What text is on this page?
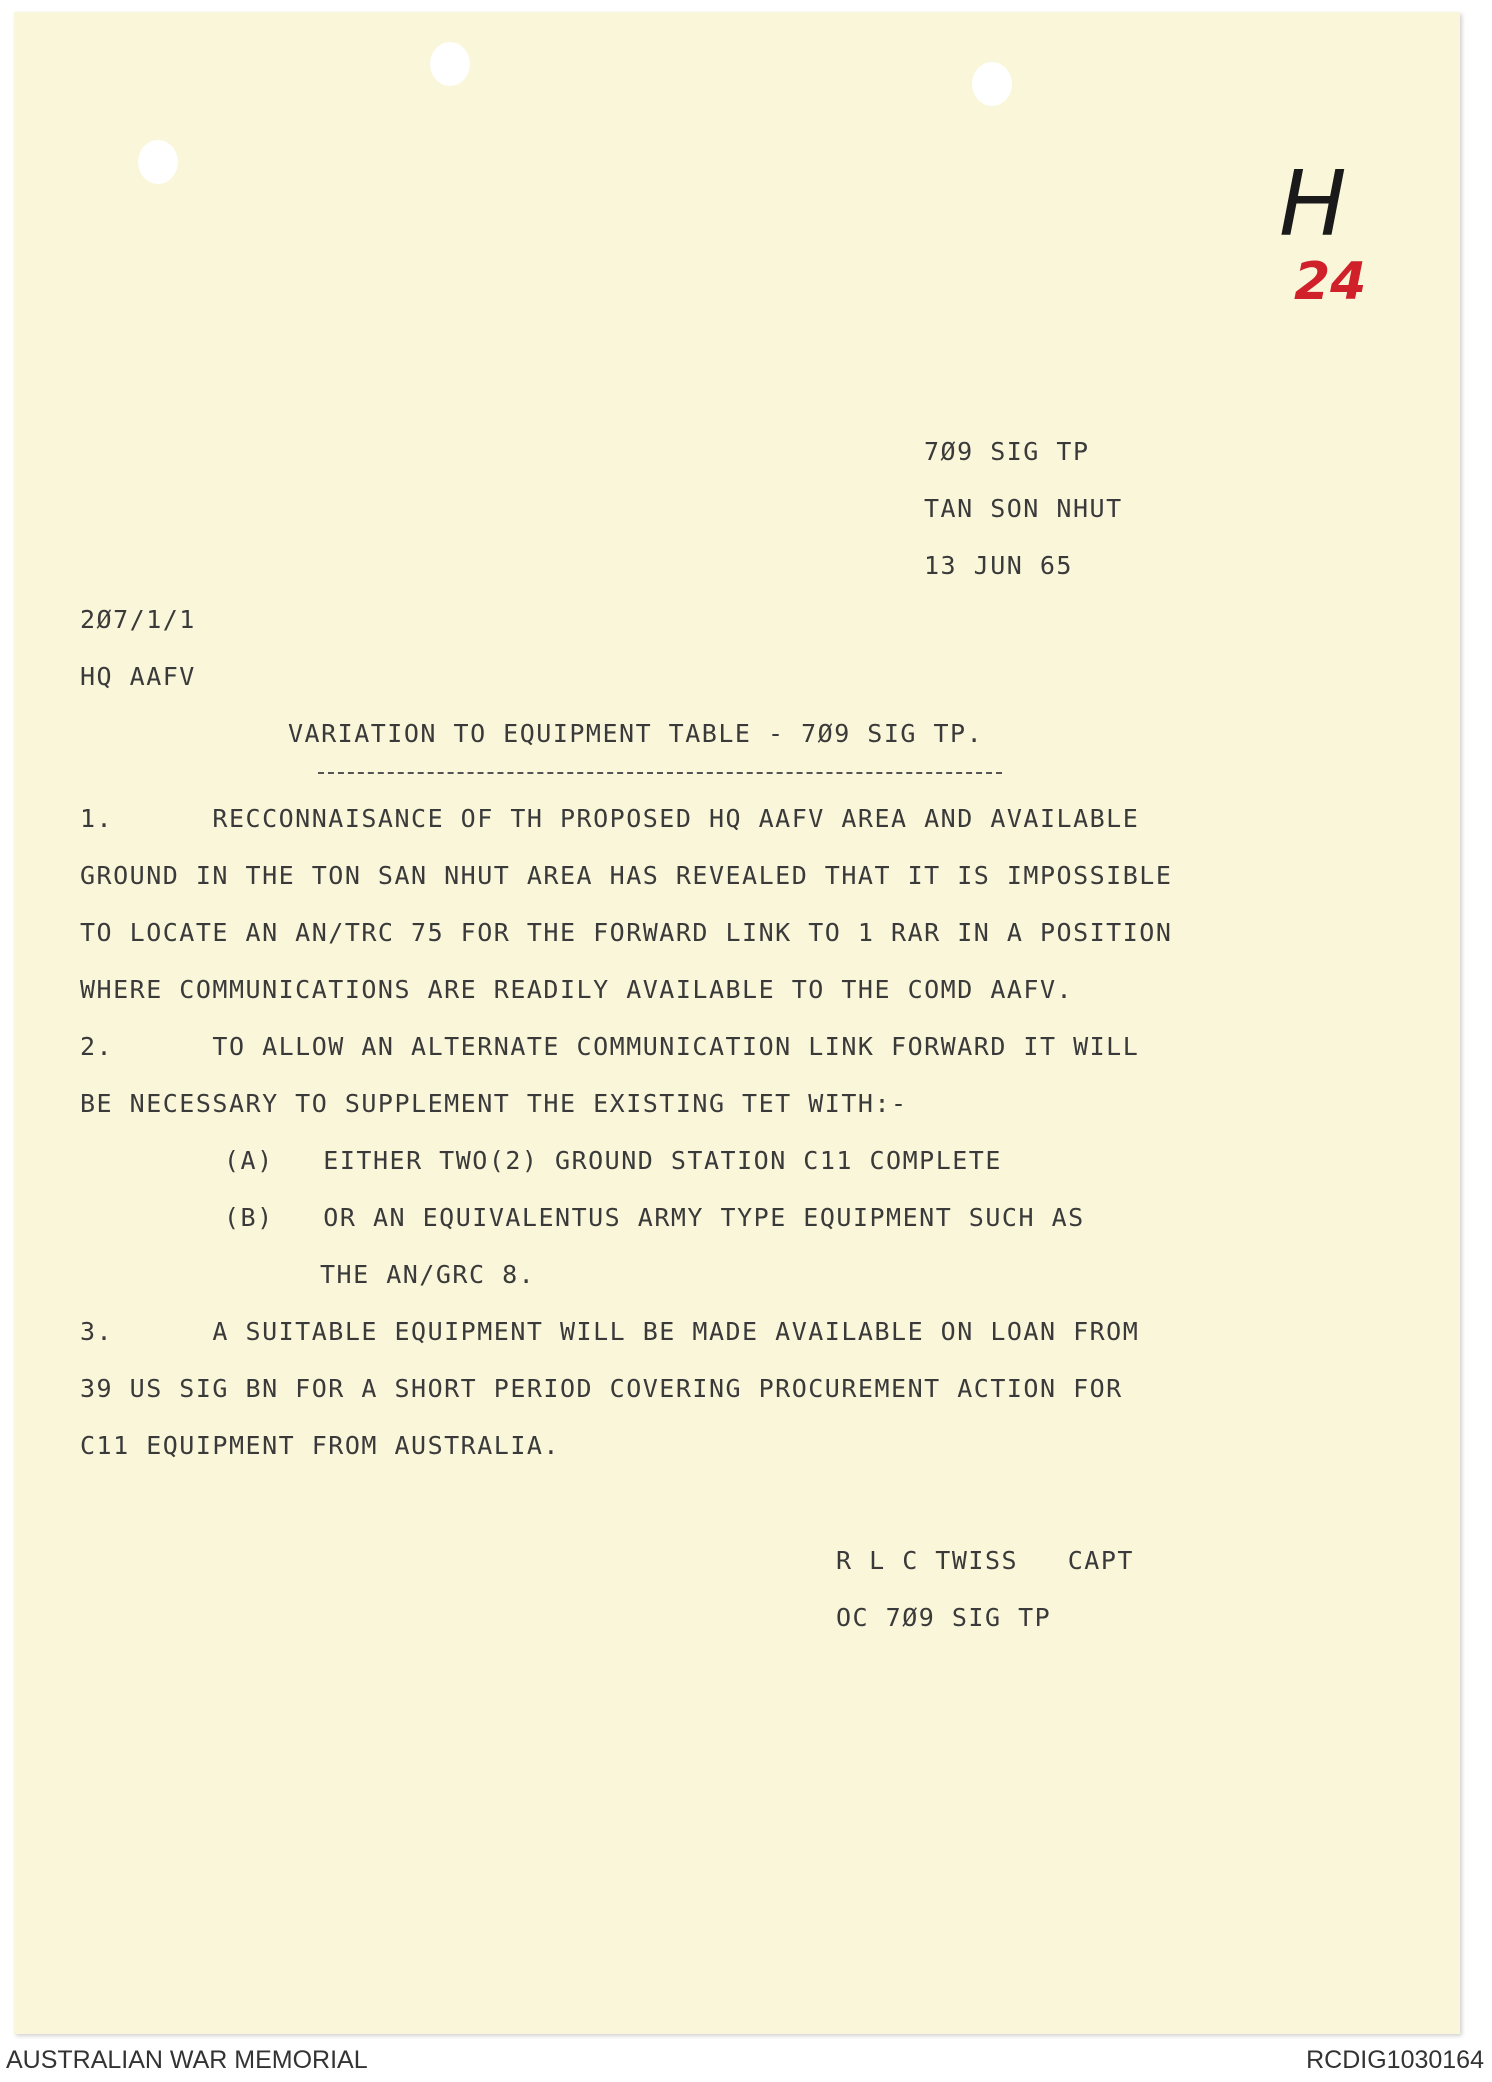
H
24
7Ø9 SIG TP
TAN SON NHUT
13 JUN 65
2Ø7/1/1
HQ AAFV
VARIATION TO EQUIPMENT TABLE - 7Ø9 SIG TP.
1.      RECCONNAISANCE OF TH PROPOSED HQ AAFV AREA AND AVAILABLE
GROUND IN THE TON SAN NHUT AREA HAS REVEALED THAT IT IS IMPOSSIBLE
TO LOCATE AN AN/TRC 75 FOR THE FORWARD LINK TO 1 RAR IN A POSITION
WHERE COMMUNICATIONS ARE READILY AVAILABLE TO THE COMD AAFV.
2.      TO ALLOW AN ALTERNATE COMMUNICATION LINK FORWARD IT WILL
BE NECESSARY TO SUPPLEMENT THE EXISTING TET WITH:-
(A)   EITHER TWO(2) GROUND STATION C11 COMPLETE
(B)   OR AN EQUIVALENTUS ARMY TYPE EQUIPMENT SUCH AS
THE AN/GRC 8.
3.      A SUITABLE EQUIPMENT WILL BE MADE AVAILABLE ON LOAN FROM
39 US SIG BN FOR A SHORT PERIOD COVERING PROCUREMENT ACTION FOR
C11 EQUIPMENT FROM AUSTRALIA.
R L C TWISS   CAPT
OC 7Ø9 SIG TP
AUSTRALIAN WAR MEMORIAL	RCDIG1030164
